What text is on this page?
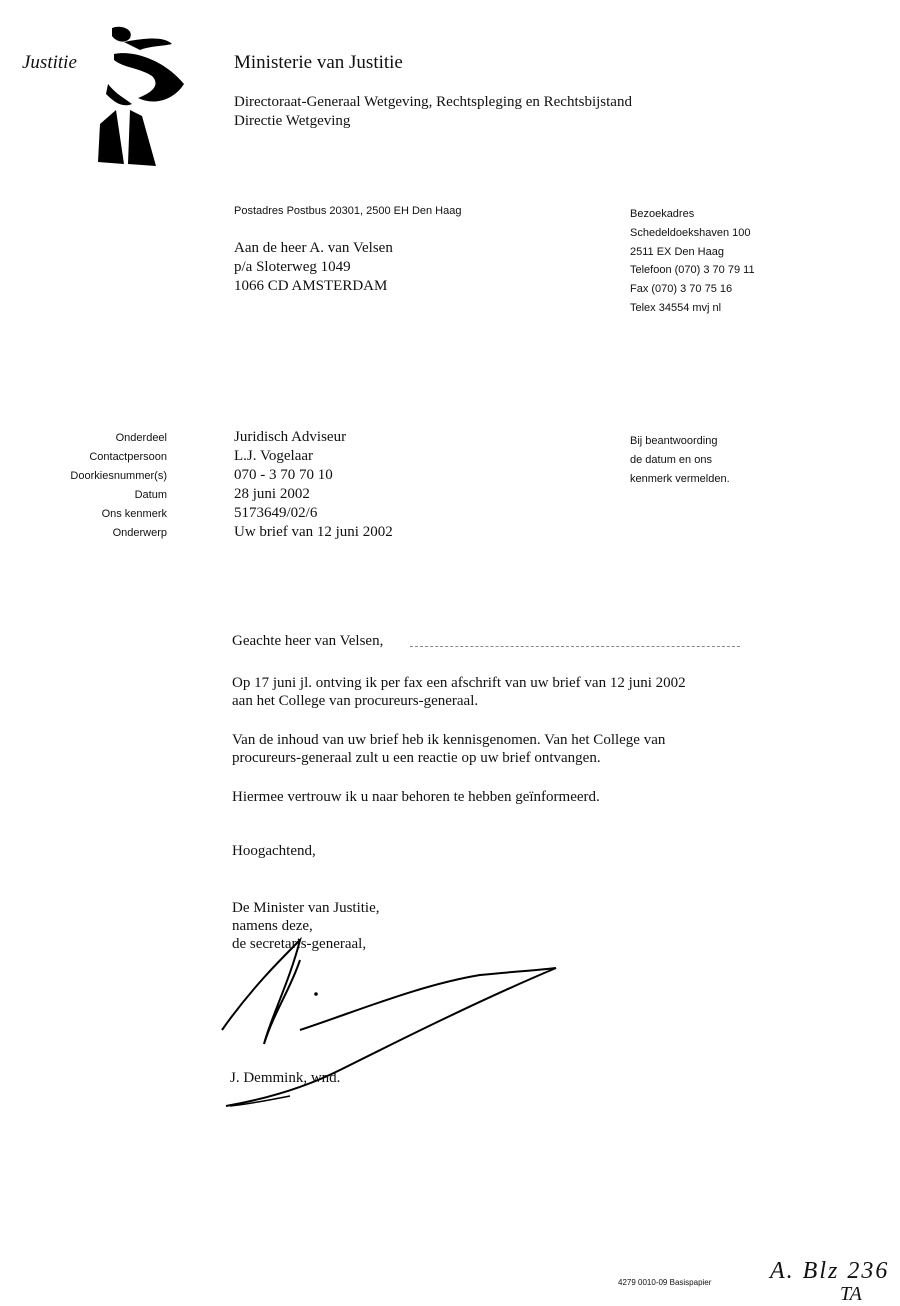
Justitie	Ministerie van Justitie
Directoraat-Generaal Wetgeving, Rechtspleging en Rechtsbijstand
Directie Wetgeving
Postadres Postbus 20301, 2500 EH Den Haag
Aan de heer A. van Velsen
p/a Sloterweg 1049
1066 CD AMSTERDAM
Bezoekadres
Schedeldoekshaven 100
2511 EX Den Haag
Telefoon (070) 3 70 79 11
Fax (070) 3 70 75 16
Telex 34554 mvj nl
Onderdeel
Contactpersoon
Doorkiesnummer(s)
Datum
Ons kenmerk
Onderwerp
Juridisch Adviseur
L.J. Vogelaar
070 - 3 70 70 10
28 juni 2002
5173649/02/6
Uw brief van 12 juni 2002
Bij beantwoording
de datum en ons
kenmerk vermelden.
Geachte heer van Velsen,
Op 17 juni jl. ontving ik per fax een afschrift van uw brief van 12 juni 2002
aan het College van procureurs-generaal.
Van de inhoud van uw brief heb ik kennisgenomen. Van het College van
procureurs-generaal zult u een reactie op uw brief ontvangen.
Hiermee vertrouw ik u naar behoren te hebben geïnformeerd.
Hoogachtend,
De Minister van Justitie,
namens deze,
de secretaris-generaal,
J. Demmink, wnd.
4279 0010-09 Basispapier A. Blz 236
TA
